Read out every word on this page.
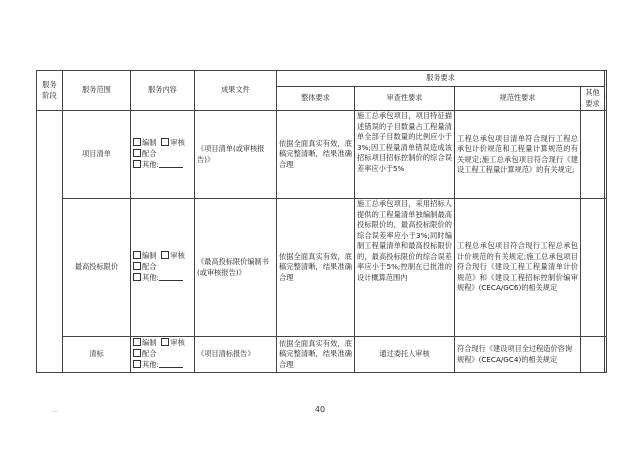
服务阶段	服务范围	服务内容	成果文件	服务要求	
				整体要求	审查性要求	规范性要求	其他要求	
	项目清单	编制 审核
配合
其他:	《项目清单(或审核报告)》	依据全面真实有效，底稿完整清晰，结果准确合理	施工总承包项目，项目特征描述错误的子目数量占工程量清单全部子目数量的比例应小于3%;因工程量清单错误造成该招标项目招标控制价的综合误差率应小于5%	工程总承包项目清单符合现行工程总承包计价规范和工程量计算规范的有关规定;施工总承包项目符合现行《建设工程工程量计算规范》的有关规定;		
	最高投标限价	编制 审核
配合
其他:	《最高投标限价编制书(或审核报告)》	依据全面真实有效，底稿完整清晰，结果准确合理	施工总承包项目，采用招标人提供的工程量清单独编制最高投标限价的，最高投标限价的综合误差率应小于3%;同时编制工程量清单和最高投标限价的，最高投标限价的综合误差率应小于5%;控制在已批准的设计概算范围内	工程总承包项目符合现行工程总承包计价规范的有关规定;施工总承包项目符合现行《建设工程工程量清单计价规范》和《建设工程招标控制价编审规程》(CECA/GC6)的相关规定		
	清标	编制 审核
配合
其他:	《项目清标报告》	依据全面真实有效，底稿完整清晰，结果准确合理	通过委托人审核	符合现行《建设项目全过程造价咨询规程》(CECA/GC4)的相关规定		
…	40
